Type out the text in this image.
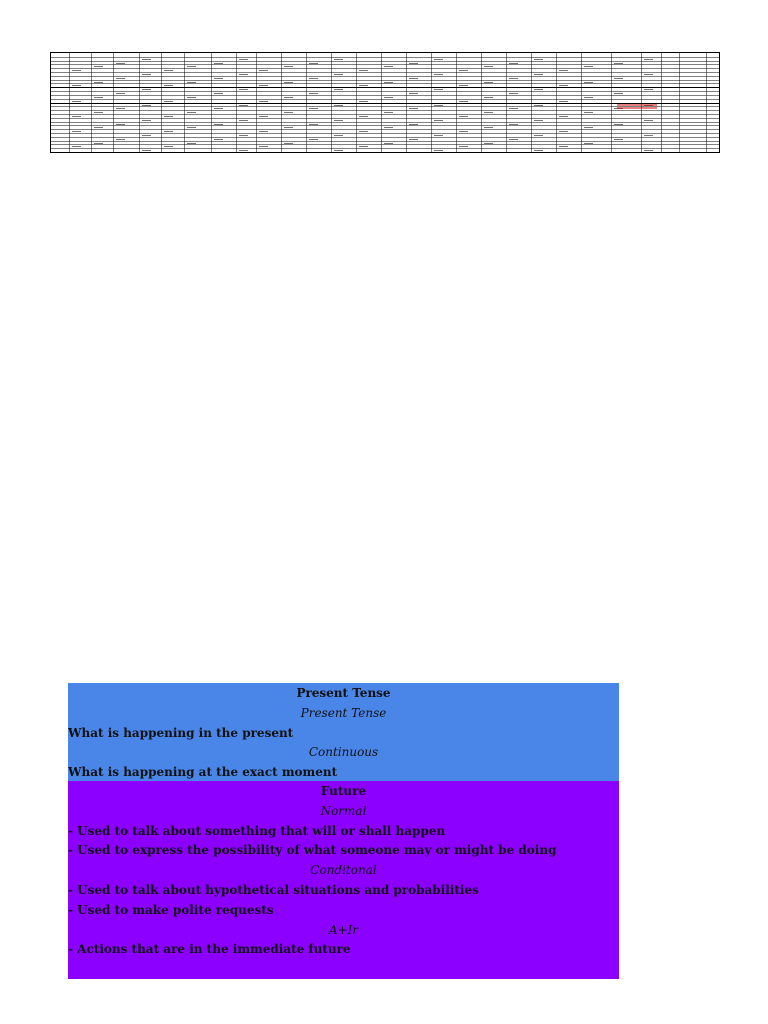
Present Tense
Present Tense
What is happening in the present
Continuous
What is happening at the exact moment
Future
Normal
- Used to talk about something that will or shall happen
- Used to express the possibility of what someone may or might be doing
Conditonal
- Used to talk about hypothetical situations and probabilities
- Used to make polite requests
A+Ir
- Actions that are in the immediate future
